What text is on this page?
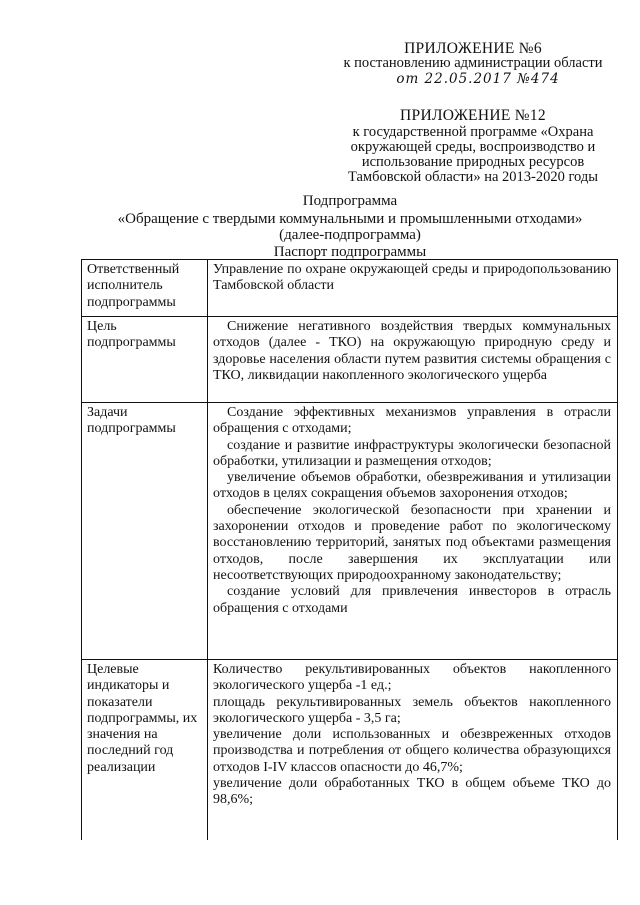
ПРИЛОЖЕНИЕ №6
к постановлению администрации области
от 22.05.2017 №474
ПРИЛОЖЕНИЕ №12
к государственной программе «Охрана
окружающей среды, воспроизводство и
использование природных ресурсов
Тамбовской области» на 2013-2020 годы
Подпрограмма
«Обращение с твердыми коммунальными и промышленными отходами»
(далее-подпрограмма)
Паспорт подпрограммы
Ответственный исполнитель подпрограммы	Управление по охране окружающей среды и природопользованию Тамбовской области

Цель подпрограммы	Снижение негативного воздействия твердых коммунальных отходов (далее - ТКО) на окружающую природную среду и здоровье населения области путем развития системы обращения с ТКО, ликвидации накопленного экологического ущерба

Задачи подпрограммы	Создание эффективных механизмов управления в отрасли обращения с отходами;

создание и развитие инфраструктуры экологически безопасной обработки, утилизации и размещения отходов;

увеличение объемов обработки, обезвреживания и утилизации отходов в целях сокращения объемов захоронения отходов;

обеспечение экологической безопасности при хранении и захоронении отходов и проведение работ по экологическому восстановлению территорий, занятых под объектами размещения отходов, после завершения их эксплуатации или несоответствующих природоохранному законодательству;

создание условий для привлечения инвесторов в отрасль обращения с отходами

Целевые индикаторы и показатели подпрограммы, их значения на последний год реализации	Количество рекультивированных объектов накопленного экологического ущерба -1 ед.;

площадь рекультивированных земель объектов накопленного экологического ущерба - 3,5 га;

увеличение доли использованных и обезвреженных отходов производства и потребления от общего количества образующихся отходов I-IV классов опасности до 46,7%;

увеличение доли обработанных ТКО в общем объеме ТКО до 98,6%;
